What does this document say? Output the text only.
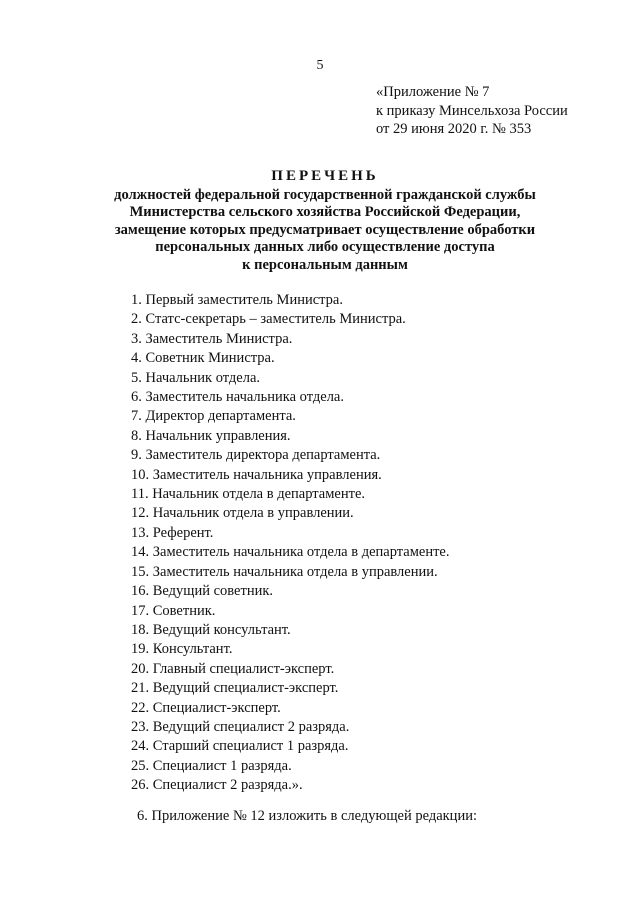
5
«Приложение № 7
к приказу Минсельхоза России
от 29 июня 2020 г. № 353
ПЕРЕЧЕНЬ
должностей федеральной государственной гражданской службы
Министерства сельского хозяйства Российской Федерации,
замещение которых предусматривает осуществление обработки
персональных данных либо осуществление доступа
к персональным данным
1. Первый заместитель Министра.
2. Статс-секретарь – заместитель Министра.
3. Заместитель Министра.
4. Советник Министра.
5. Начальник отдела.
6. Заместитель начальника отдела.
7. Директор департамента.
8. Начальник управления.
9. Заместитель директора департамента.
10. Заместитель начальника управления.
11. Начальник отдела в департаменте.
12. Начальник отдела в управлении.
13. Референт.
14. Заместитель начальника отдела в департаменте.
15. Заместитель начальника отдела в управлении.
16. Ведущий советник.
17. Советник.
18. Ведущий консультант.
19. Консультант.
20. Главный специалист-эксперт.
21. Ведущий специалист-эксперт.
22. Специалист-эксперт.
23. Ведущий специалист 2 разряда.
24. Старший специалист 1 разряда.
25. Специалист 1 разряда.
26. Специалист 2 разряда.».
6. Приложение № 12 изложить в следующей редакции:
